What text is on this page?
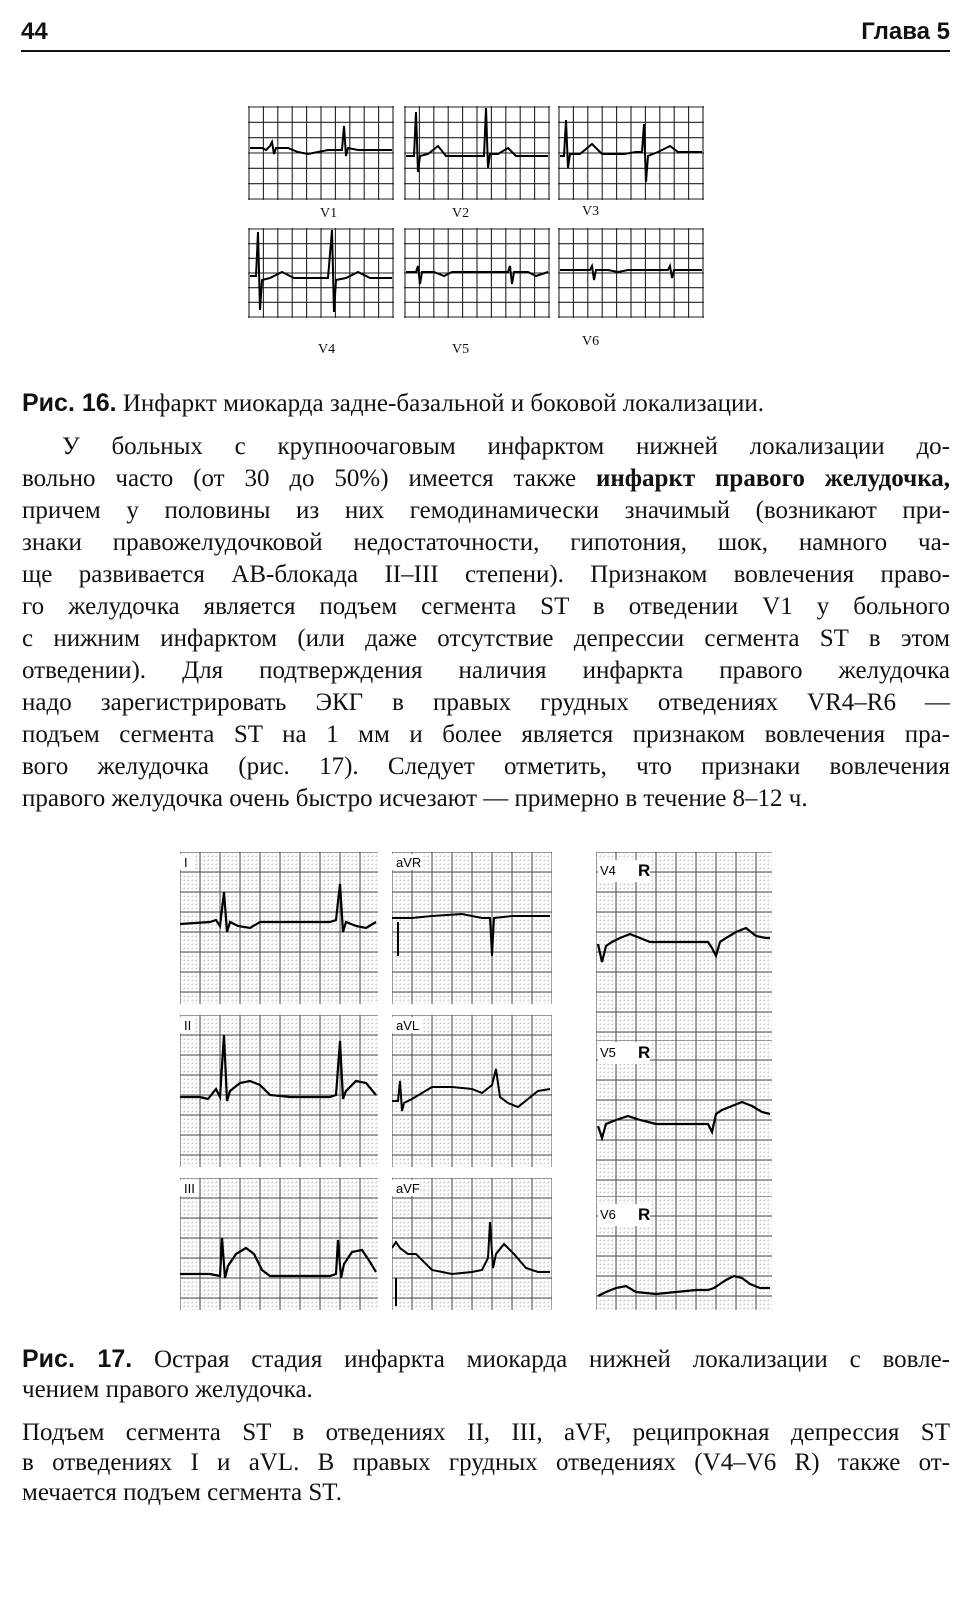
44	Глава 5
V1	V2	V3
V4	V5
V6
Рис. 16. Инфаркт миокарда задне-базальной и боковой локализации.
У больных с крупноочаговым инфарктом нижней локализации до-
вольно часто (от 30 до 50%) имеется также инфаркт правого желудочка,
причем у половины из них гемодинамически значимый (возникают при-
знаки правожелудочковой недостаточности, гипотония, шок, намного ча-
ще развивается АВ-блокада II–III степени). Признаком вовлечения право-
го желудочка является подъем сегмента ST в отведении V1 у больного
с нижним инфарктом (или даже отсутствие депрессии сегмента ST в этом
отведении). Для подтверждения наличия инфаркта правого желудочка
надо зарегистрировать ЭКГ в правых грудных отведениях VR4–R6 —
подъем сегмента ST на 1 мм и более является признаком вовлечения пра-
вого желудочка (рис. 17). Следует отметить, что признаки вовлечения
правого желудочка очень быстро исчезают — примерно в течение 8–12 ч.
I	aVR
II	aVL
III	aVF
V4 R
V5 R
V6 R
Рис. 17. Острая стадия инфаркта миокарда нижней локализации с вовле-
чением правого желудочка.
Подъем сегмента ST в отведениях II, III, aVF, реципрокная депрессия ST
в отведениях I и aVL. В правых грудных отведениях (V4–V6 R) также от-
мечается подъем сегмента ST.
